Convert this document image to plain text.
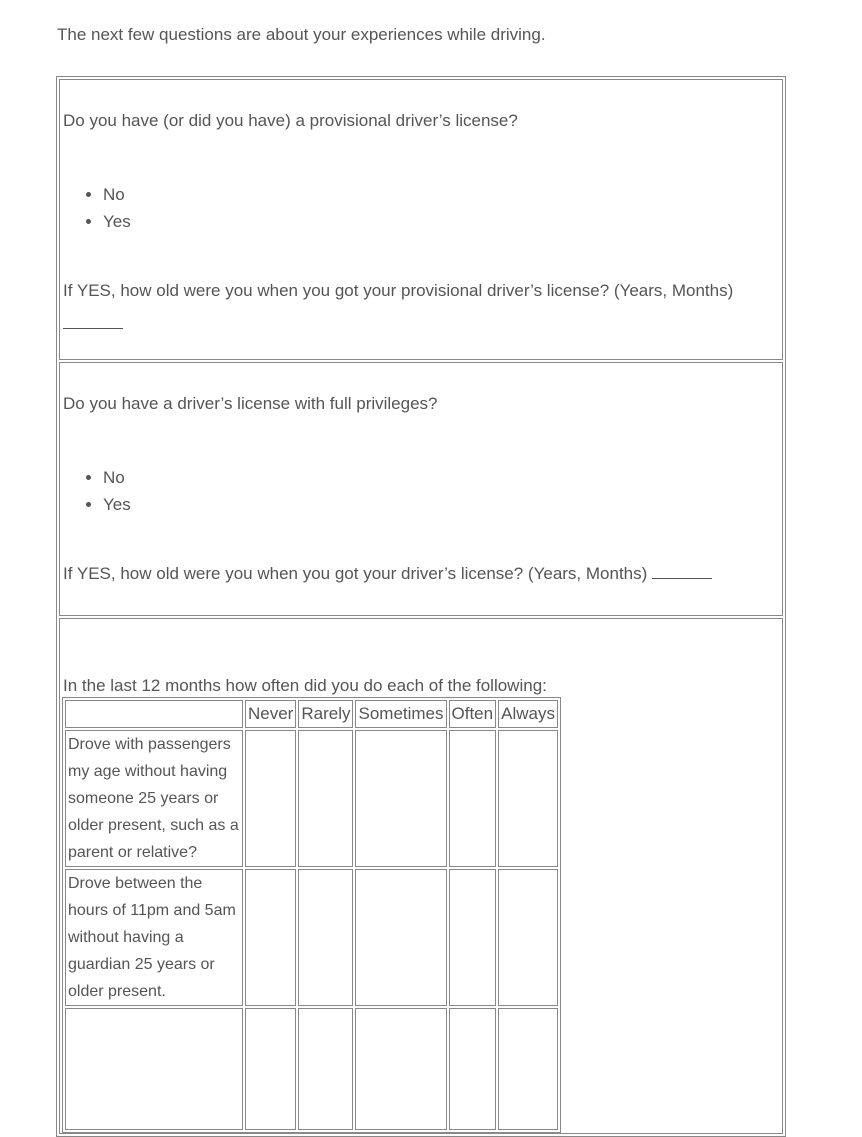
The next few questions are about your experiences while driving.
Do you have (or did you have) a provisional driver’s license?
• No
• Yes
If YES, how old were you when you got your provisional driver’s license? (Years, Months)

Do you have a driver’s license with full privileges?
• No
• Yes
If YES, how old were you when you got your driver’s license? (Years, Months)

In the last 12 months how often did you do each of the following:
	Never	Rarely	Sometimes	Often	Always
Drove with passengers my age without having someone 25 years or older present, such as a parent or relative?					
Drove between the hours of 11pm and 5am without having a guardian 25 years or older present.					
